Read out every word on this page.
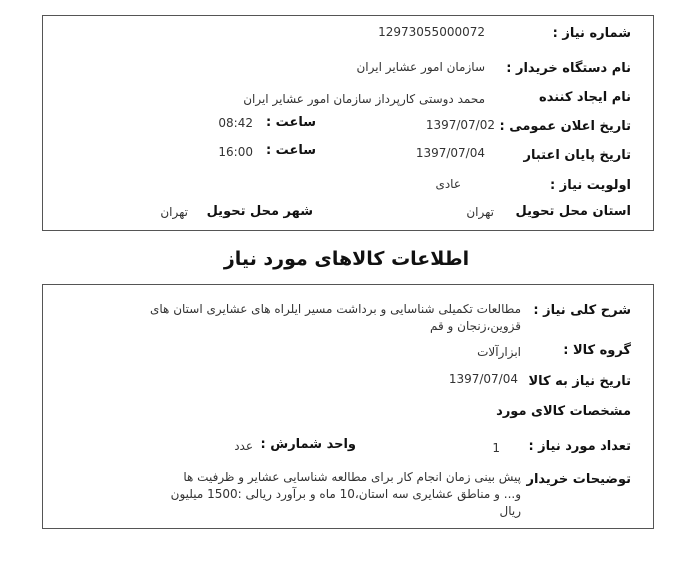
شماره نیاز :
12973055000072
نام دستگاه خریدار :
سازمان امور عشایر ایران
نام ایجاد کننده
محمد دوستی کارپرداز سازمان امور عشایر ایران
تاریخ اعلان عمومی :
1397/07/02
ساعت :
08:42
تاریخ پایان اعتبار
1397/07/04
ساعت :
16:00
اولویت نیاز :
عادی
استان محل تحویل
تهران
شهر محل تحویل
تهران
اطلاعات کالاهای مورد نیاز
شرح کلی نیاز :
مطالعات تکمیلی شناسایی و برداشت مسیر ایلراه های عشایری استان های قزوین،زنجان و قم
گروه کالا :
ابزارآلات
تاریخ نیاز به کالا
1397/07/04
مشخصات کالای مورد
تعداد مورد نیاز :
1
واحد شمارش :
عدد
توضیحات خریدار
پیش بینی زمان انجام کار برای مطالعه شناسایی عشایر و ظرفیت ها و... و مناطق عشایری سه استان،10 ماه و برآورد ریالی :1500 میلیون ریال
